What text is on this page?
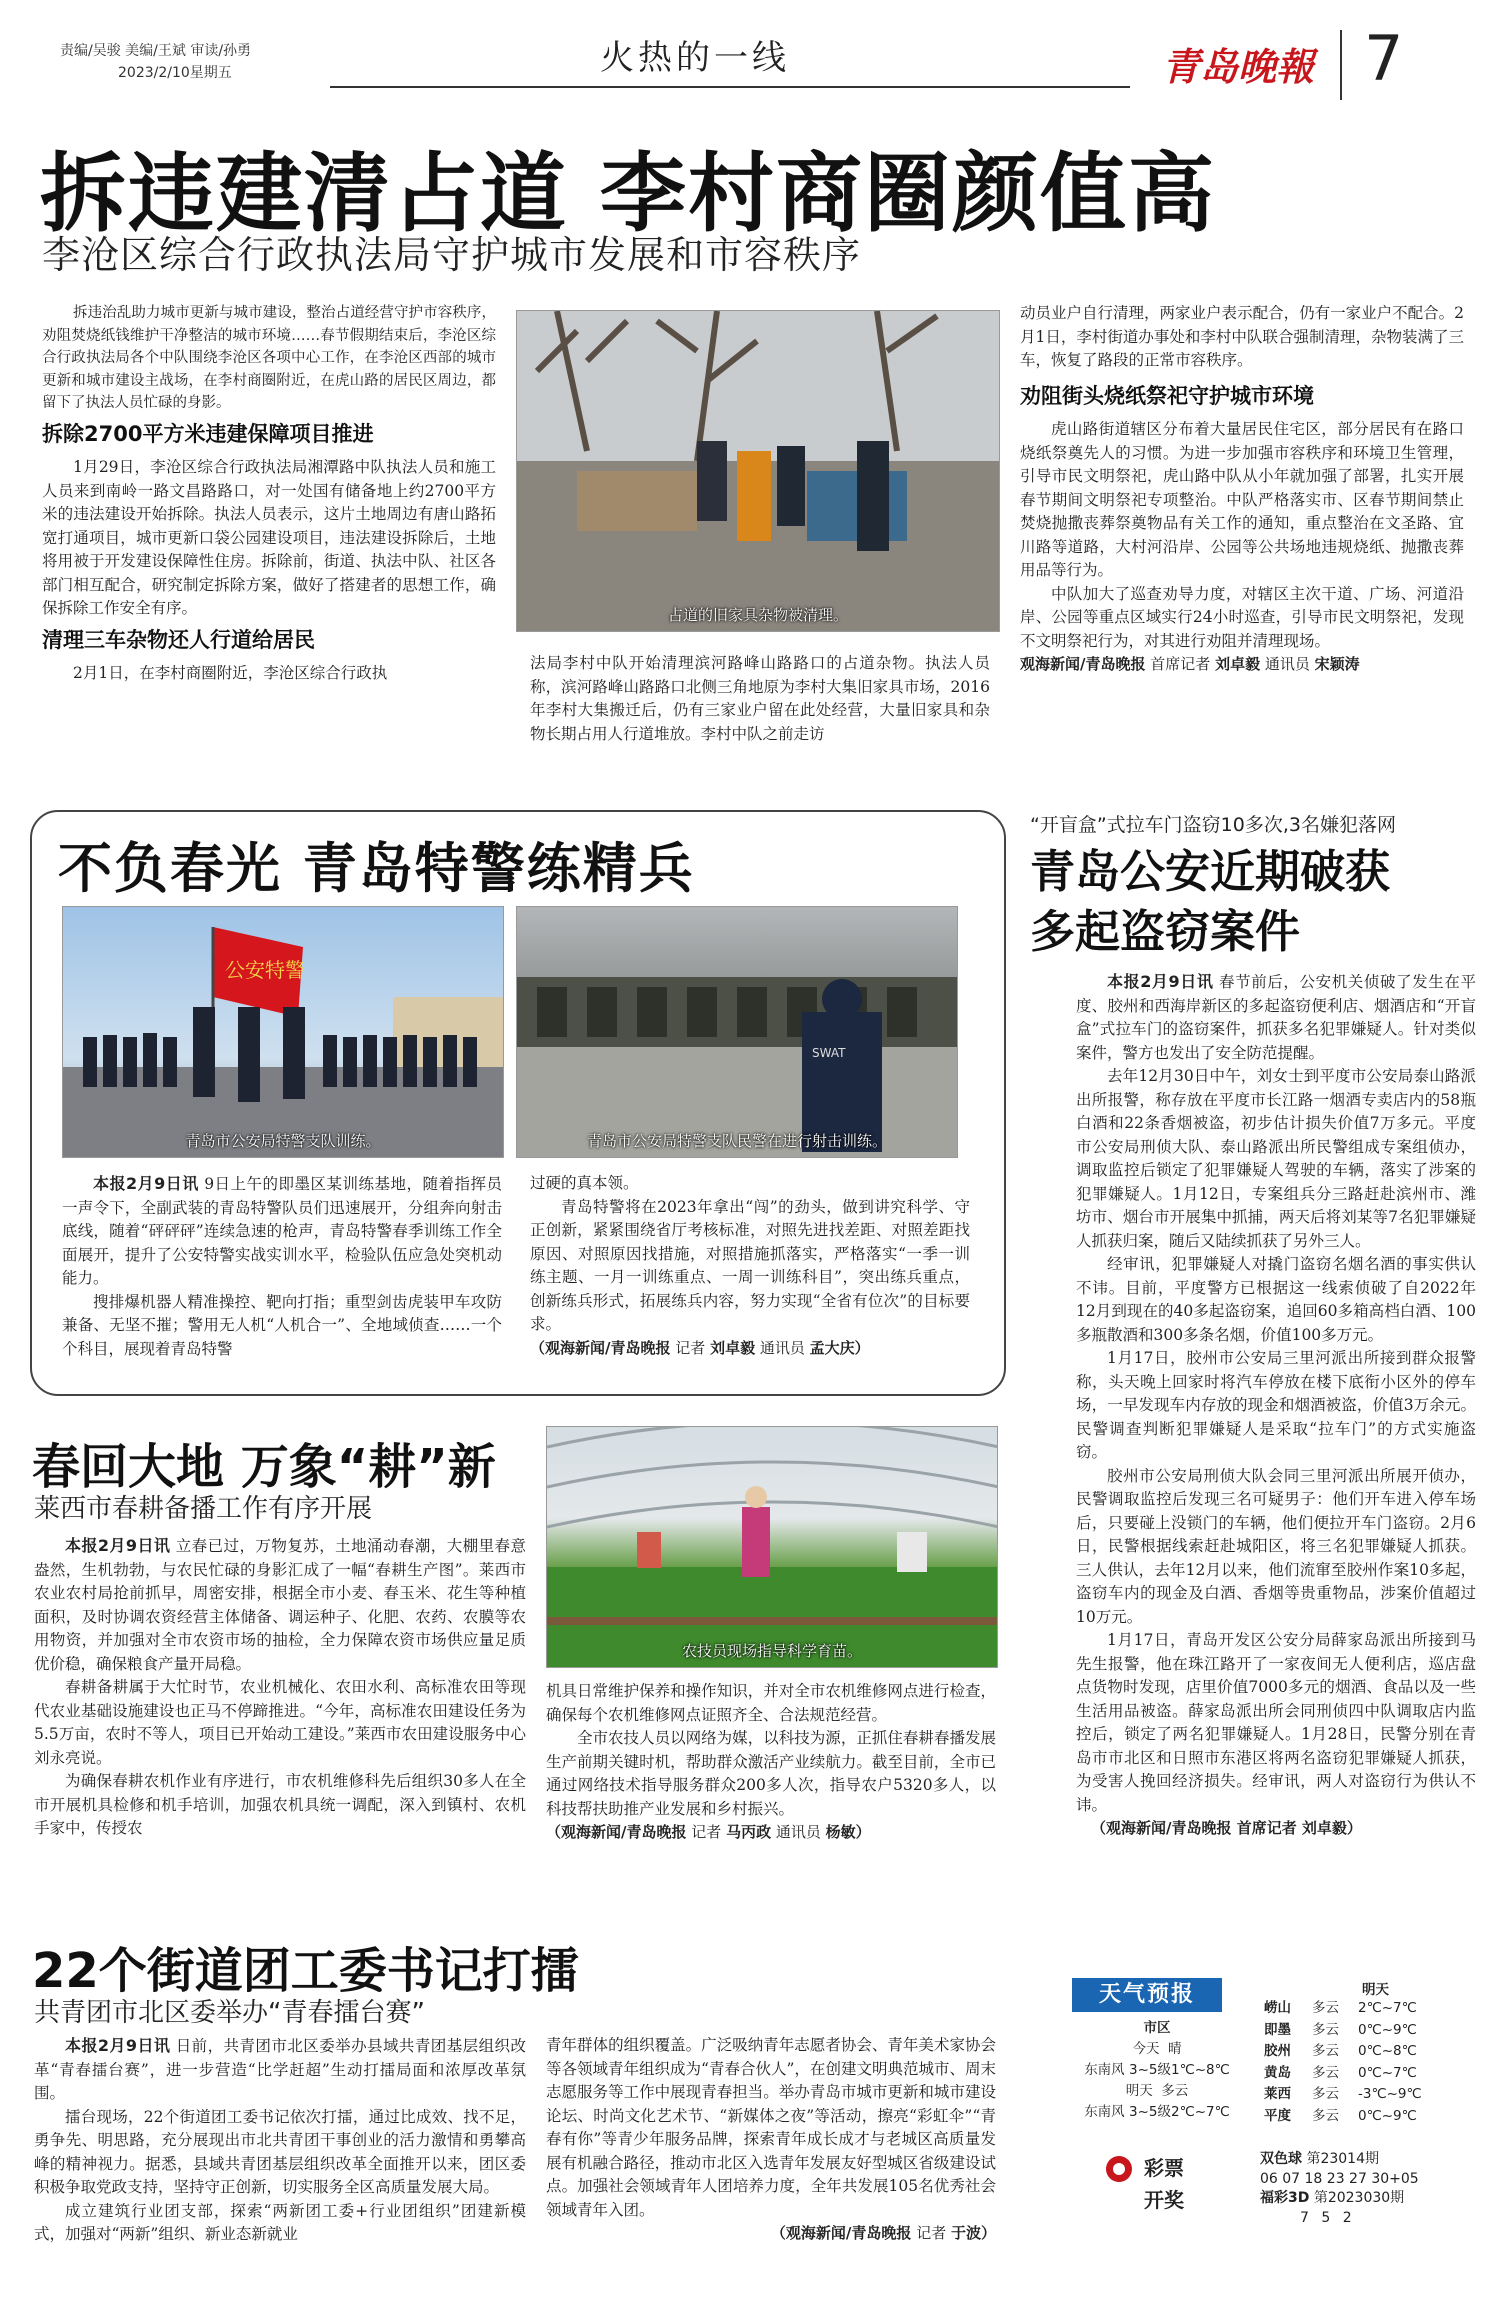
责编/吴骏 美编/王斌 审读/孙勇
2023/2/10星期五	火热的一线	青岛晚報 7
拆违建清占道 李村商圈颜值高
李沧区综合行政执法局守护城市发展和市容秩序

拆违治乱助力城市更新与城市建设，整治占道经营守护市容秩序，劝阻焚烧纸钱维护干净整洁的城市环境……春节假期结束后，李沧区综合行政执法局各个中队围绕李沧区各项中心工作，在李沧区西部的城市更新和城市建设主战场，在李村商圈附近，在虎山路的居民区周边，都留下了执法人员忙碌的身影。

拆除2700平方米违建保障项目推进

1月29日，李沧区综合行政执法局湘潭路中队执法人员和施工人员来到南岭一路文昌路路口，对一处国有储备地上约2700平方米的违法建设开始拆除。执法人员表示，这片土地周边有唐山路拓宽打通项目，城市更新口袋公园建设项目，违法建设拆除后，土地将用被于开发建设保障性住房。拆除前，街道、执法中队、社区各部门相互配合，研究制定拆除方案，做好了搭建者的思想工作，确保拆除工作安全有序。

清理三车杂物还人行道给居民

2月1日，在李村商圈附近，李沧区综合行政执

占道的旧家具杂物被清理。

法局李村中队开始清理滨河路峰山路路口的占道杂物。执法人员称，滨河路峰山路路口北侧三角地原为李村大集旧家具市场，2016年李村大集搬迁后，仍有三家业户留在此处经营，大量旧家具和杂物长期占用人行道堆放。李村中队之前走访

动员业户自行清理，两家业户表示配合，仍有一家业户不配合。2月1日，李村街道办事处和李村中队联合强制清理，杂物装满了三车，恢复了路段的正常市容秩序。

劝阻街头烧纸祭祀守护城市环境

虎山路街道辖区分布着大量居民住宅区，部分居民有在路口烧纸祭奠先人的习惯。为进一步加强市容秩序和环境卫生管理，引导市民文明祭祀，虎山路中队从小年就加强了部署，扎实开展春节期间文明祭祀专项整治。中队严格落实市、区春节期间禁止焚烧抛撒丧葬祭奠物品有关工作的通知，重点整治在文圣路、宜川路等道路，大村河沿岸、公园等公共场地违规烧纸、抛撒丧葬用品等行为。

中队加大了巡查劝导力度，对辖区主次干道、广场、河道沿岸、公园等重点区域实行24小时巡查，引导市民文明祭祀，发现不文明祭祀行为，对其进行劝阻并清理现场。

观海新闻/青岛晚报 首席记者 刘卓毅 通讯员 宋颖涛

不负春光 青岛特警练精兵
公安特警
青岛市公安局特警支队训练。
SWAT
青岛市公安局特警支队民警在进行射击训练。

本报2月9日讯 9日上午的即墨区某训练基地，随着指挥员一声令下，全副武装的青岛特警队员们迅速展开，分组奔向射击底线，随着“砰砰砰”连续急速的枪声，青岛特警春季训练工作全面展开，提升了公安特警实战实训水平，检验队伍应急处突机动能力。

搜排爆机器人精准操控、靶向打指；重型剑齿虎装甲车攻防兼备、无坚不摧；警用无人机“人机合一”、全地域侦查……一个个科目，展现着青岛特警

过硬的真本领。

青岛特警将在2023年拿出“闯”的劲头，做到讲究科学、守正创新，紧紧围绕省厅考核标准，对照先进找差距、对照差距找原因、对照原因找措施，对照措施抓落实，严格落实“一季一训练主题、一月一训练重点、一周一训练科目”，突出练兵重点，创新练兵形式，拓展练兵内容，努力实现“全省有位次”的目标要求。

（观海新闻/青岛晚报 记者 刘卓毅 通讯员 孟大庆）

“开盲盒”式拉车门盗窃10多次,3名嫌犯落网
青岛公安近期破获
多起盗窃案件

本报2月9日讯 春节前后，公安机关侦破了发生在平度、胶州和西海岸新区的多起盗窃便利店、烟酒店和“开盲盒”式拉车门的盗窃案件，抓获多名犯罪嫌疑人。针对类似案件，警方也发出了安全防范提醒。

去年12月30日中午，刘女士到平度市公安局泰山路派出所报警，称存放在平度市长江路一烟酒专卖店内的58瓶白酒和22条香烟被盗，初步估计损失价值7万多元。平度市公安局刑侦大队、泰山路派出所民警组成专案组侦办，调取监控后锁定了犯罪嫌疑人驾驶的车辆，落实了涉案的犯罪嫌疑人。1月12日，专案组兵分三路赶赴滨州市、潍坊市、烟台市开展集中抓捕，两天后将刘某等7名犯罪嫌疑人抓获归案，随后又陆续抓获了另外三人。

经审讯，犯罪嫌疑人对撬门盗窃名烟名酒的事实供认不讳。目前，平度警方已根据这一线索侦破了自2022年12月到现在的40多起盗窃案，追回60多箱高档白酒、100多瓶散酒和300多条名烟，价值100多万元。

1月17日，胶州市公安局三里河派出所接到群众报警称，头天晚上回家时将汽车停放在楼下底衔小区外的停车场，一早发现车内存放的现金和烟酒被盗，价值3万余元。民警调查判断犯罪嫌疑人是采取“拉车门”的方式实施盗窃。

胶州市公安局刑侦大队会同三里河派出所展开侦办，民警调取监控后发现三名可疑男子：他们开车进入停车场后，只要碰上没锁门的车辆，他们便拉开车门盗窃。2月6日，民警根据线索赶赴城阳区，将三名犯罪嫌疑人抓获。三人供认，去年12月以来，他们流窜至胶州作案10多起，盗窃车内的现金及白酒、香烟等贵重物品，涉案价值超过10万元。

1月17日，青岛开发区公安分局薛家岛派出所接到马先生报警，他在珠江路开了一家夜间无人便利店，巡店盘点货物时发现，店里价值7000多元的烟酒、食品以及一些生活用品被盗。薛家岛派出所会同刑侦四中队调取店内监控后，锁定了两名犯罪嫌疑人。1月28日，民警分别在青岛市市北区和日照市东港区将两名盗窃犯罪嫌疑人抓获，为受害人挽回经济损失。经审讯，两人对盗窃行为供认不讳。

（观海新闻/青岛晚报 首席记者 刘卓毅）

春回大地 万象“耕”新
莱西市春耕备播工作有序开展
农技员现场指导科学育苗。

本报2月9日讯 立春已过，万物复苏，土地涌动春潮，大棚里春意盎然，生机勃勃，与农民忙碌的身影汇成了一幅“春耕生产图”。莱西市农业农村局抢前抓早，周密安排，根据全市小麦、春玉米、花生等种植面积，及时协调农资经营主体储备、调运种子、化肥、农药、农膜等农用物资，并加强对全市农资市场的抽检，全力保障农资市场供应量足质优价稳，确保粮食产量开局稳。

春耕备耕属于大忙时节，农业机械化、农田水利、高标准农田等现代农业基础设施建设也正马不停蹄推进。“今年，高标准农田建设任务为5.5万亩，农时不等人，项目已开始动工建设。”莱西市农田建设服务中心刘永亮说。

为确保春耕农机作业有序进行，市农机维修科先后组织30多人在全市开展机具检修和机手培训，加强农机具统一调配，深入到镇村、农机手家中，传授农

机具日常维护保养和操作知识，并对全市农机维修网点进行检查，确保每个农机维修网点证照齐全、合法规范经营。

全市农技人员以网络为媒，以科技为源，正抓住春耕春播发展生产前期关键时机，帮助群众激活产业续航力。截至目前，全市已通过网络技术指导服务群众200多人次，指导农户5320多人，以科技帮扶助推产业发展和乡村振兴。

（观海新闻/青岛晚报 记者 马丙政 通讯员 杨敏）

22个街道团工委书记打擂
共青团市北区委举办“青春擂台赛”

本报2月9日讯 日前，共青团市北区委举办县域共青团基层组织改革“青春擂台赛”，进一步营造“比学赶超”生动打擂局面和浓厚改革氛围。

擂台现场，22个街道团工委书记依次打擂，通过比成效、找不足，勇争先、明思路，充分展现出市北共青团干事创业的活力激情和勇攀高峰的精神视力。据悉，县域共青团基层组织改革全面推开以来，团区委积极争取党政支持，坚持守正创新，切实服务全区高质量发展大局。

成立建筑行业团支部，探索“两新团工委+行业团组织”团建新模式，加强对“两新”组织、新业态新就业

青年群体的组织覆盖。广泛吸纳青年志愿者协会、青年美术家协会等各领域青年组织成为“青春合伙人”，在创建文明典范城市、周末志愿服务等工作中展现青春担当。举办青岛市城市更新和城市建设论坛、时尚文化艺术节、“新媒体之夜”等活动，擦亮“彩虹伞”“青春有你”等青少年服务品牌，探索青年成长成才与老城区高质量发展有机融合路径，推动市北区入选青年发展友好型城区省级建设试点。加强社会领域青年人团培养力度，全年共发展105名优秀社会领域青年入团。

（观海新闻/青岛晚报 记者 于波）

天气预报
市区
今天 晴
东南风 3~5级1℃~8℃
明天 多云
东南风 3~5级2℃~7℃
明天
崂山 多云 2℃~7℃
即墨 多云 0℃~9℃
胶州 多云 0℃~8℃
黄岛 多云 0℃~7℃
莱西 多云 -3℃~9℃
平度 多云 0℃~9℃
彩票
开奖
双色球 第23014期
06 07 18 23 27 30+05
福彩3D 第2023030期
7 5 2
